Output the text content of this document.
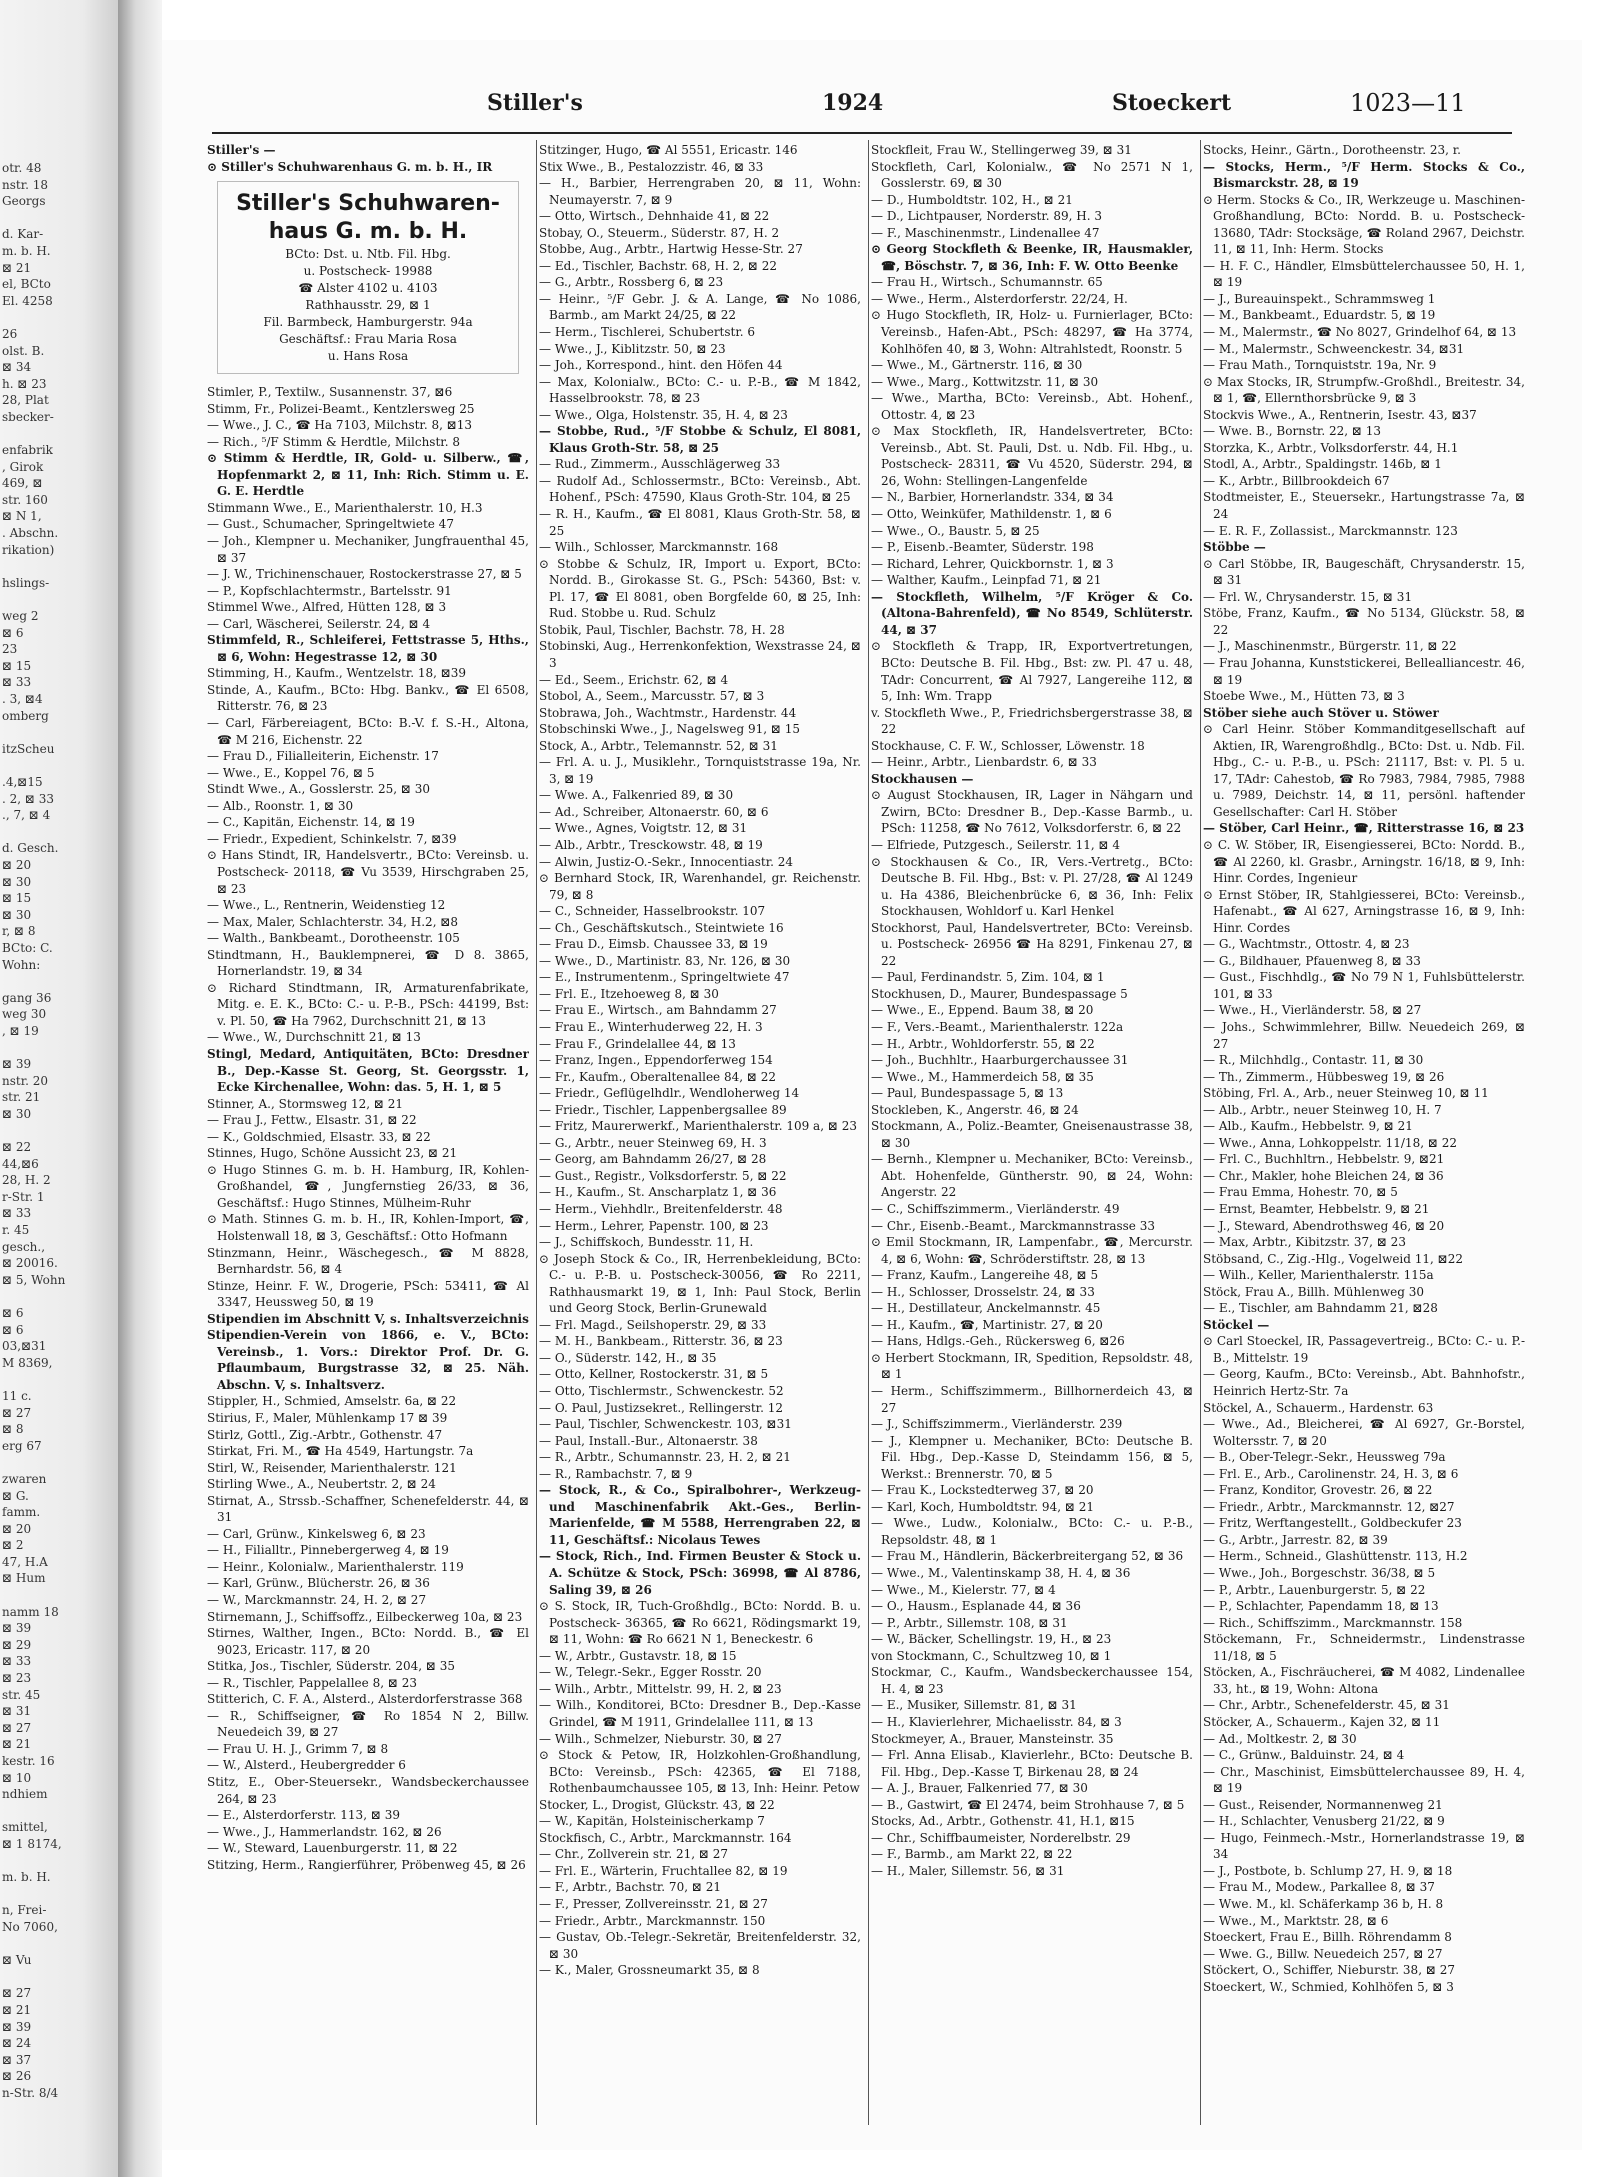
otr. 48
nstr. 18
Georgs

d. Kar-
m. b. H.
⊠ 21
el, BCto
El. 4258

26
olst. B.
⊠ 34
h. ⊠ 23
28, Plat
sbecker-

enfabrik
, Girok
469, ⊠
str. 160
⊠ N 1,
. Abschn.
rikation)

hslings-

weg 2
⊠ 6
23
⊠ 15
⊠ 33
. 3, ⊠4
omberg

itzScheu

.4,⊠15
. 2, ⊠ 33
., 7, ⊠ 4

d. Gesch.
⊠ 20
⊠ 30
⊠ 15
⊠ 30
r, ⊠ 8
BCto: C.
Wohn:

gang 36
weg 30
, ⊠ 19

⊠ 39
nstr. 20
str. 21
⊠ 30

⊠ 22
44,⊠6
28, H. 2
r-Str. 1
⊠ 33
r. 45
gesch.,
⊠ 20016.
⊠ 5, Wohn

⊠ 6
⊠ 6
03,⊠31
M 8369,

11 c.
⊠ 27
⊠ 8
erg 67

zwaren
⊠ G.
famm.
⊠ 20
⊠ 2
47, H.A
⊠ Hum

namm 18
⊠ 39
⊠ 29
⊠ 33
⊠ 23
str. 45
⊠ 31
⊠ 27
⊠ 21
kestr. 16
⊠ 10
ndhiem

smittel,
⊠ 1 8174,

m. b. H.

n, Frei-
No 7060,

⊠ Vu

⊠ 27
⊠ 21
⊠ 39
⊠ 24
⊠ 37
⊠ 26
n-Str. 8/4
Stiller's	1924	Stoeckert	1023—11

Stiller's —

⊙ Stiller's Schuhwarenhaus G. m. b. H., IR

Stiller's Schuhwaren-haus G. m. b. H.
BCto: Dst. u. Ntb. Fil. Hbg.
u. Postscheck- 19988
☎ Alster 4102 u. 4103
Rathhausstr. 29, ⊠ 1
Fil. Barmbeck, Hamburgerstr. 94a
Geschäftsf.: Frau Maria Rosa
u. Hans Rosa

Stimler, P., Textilw., Susannenstr. 37, ⊠6

Stimm, Fr., Polizei-Beamt., Kentzlersweg 25

— Wwe., J. C., ☎ Ha 7103, Milchstr. 8, ⊠13

— Rich., ⁵/F Stimm & Herdtle, Milchstr. 8

⊙ Stimm & Herdtle, IR, Gold- u. Silberw., ☎, Hopfenmarkt 2, ⊠ 11, Inh: Rich. Stimm u. E. G. E. Herdtle

Stimmann Wwe., E., Marienthalerstr. 10, H.3

— Gust., Schumacher, Springeltwiete 47

— Joh., Klempner u. Mechaniker, Jungfrauenthal 45, ⊠ 37

— J. W., Trichinenschauer, Rostockerstrasse 27, ⊠ 5

— P., Kopfschlachtermstr., Bartelsstr. 91

Stimmel Wwe., Alfred, Hütten 128, ⊠ 3

— Carl, Wäscherei, Seilerstr. 24, ⊠ 4

Stimmfeld, R., Schleiferei, Fettstrasse 5, Hths., ⊠ 6, Wohn: Hegestrasse 12, ⊠ 30

Stimming, H., Kaufm., Wentzelstr. 18, ⊠39

Stinde, A., Kaufm., BCto: Hbg. Bankv., ☎ El 6508, Ritterstr. 76, ⊠ 23

— Carl, Färbereiagent, BCto: B.-V. f. S.-H., Altona, ☎ M 216, Eichenstr. 22

— Frau D., Filialleiterin, Eichenstr. 17

— Wwe., E., Koppel 76, ⊠ 5

Stindt Wwe., A., Gosslerstr. 25, ⊠ 30

— Alb., Roonstr. 1, ⊠ 30

— C., Kapitän, Eichenstr. 14, ⊠ 19

— Friedr., Expedient, Schinkelstr. 7, ⊠39

⊙ Hans Stindt, IR, Handelsvertr., BCto: Vereinsb. u. Postscheck- 20118, ☎ Vu 3539, Hirschgraben 25, ⊠ 23

— Wwe., L., Rentnerin, Weidenstieg 12

— Max, Maler, Schlachterstr. 34, H.2, ⊠8

— Walth., Bankbeamt., Dorotheenstr. 105

Stindtmann, H., Bauklempnerei, ☎ D 8. 3865, Hornerlandstr. 19, ⊠ 34

⊙ Richard Stindtmann, IR, Armaturenfabrikate, Mitg. e. E. K., BCto: C.- u. P.-B., PSch: 44199, Bst: v. Pl. 50, ☎ Ha 7962, Durchschnitt 21, ⊠ 13

— Wwe., W., Durchschnitt 21, ⊠ 13

Stingl, Medard, Antiquitäten, BCto: Dresdner B., Dep.-Kasse St. Georg, St. Georgsstr. 1, Ecke Kirchenallee, Wohn: das. 5, H. 1, ⊠ 5

Stinner, A., Stormsweg 12, ⊠ 21

— Frau J., Fettw., Elsastr. 31, ⊠ 22

— K., Goldschmied, Elsastr. 33, ⊠ 22

Stinnes, Hugo, Schöne Aussicht 23, ⊠ 21

⊙ Hugo Stinnes G. m. b. H. Hamburg, IR, Kohlen-Großhandel, ☎, Jungfernstieg 26/33, ⊠ 36, Geschäftsf.: Hugo Stinnes, Mülheim-Ruhr

⊙ Math. Stinnes G. m. b. H., IR, Kohlen-Import, ☎, Holstenwall 18, ⊠ 3, Geschäftsf.: Otto Hofmann

Stinzmann, Heinr., Wäschegesch., ☎ M 8828, Bernhardstr. 56, ⊠ 4

Stinze, Heinr. F. W., Drogerie, PSch: 53411, ☎ Al 3347, Heussweg 50, ⊠ 19

Stipendien im Abschnitt V, s. Inhaltsverzeichnis

Stipendien-Verein von 1866, e. V., BCto: Vereinsb., 1. Vors.: Direktor Prof. Dr. G. Pflaumbaum, Burgstrasse 32, ⊠ 25. Näh. Abschn. V, s. Inhaltsverz.

Stippler, H., Schmied, Amselstr. 6a, ⊠ 22

Stirius, F., Maler, Mühlenkamp 17 ⊠ 39

Stirlz, Gottl., Zig.-Arbtr., Gothenstr. 47

Stirkat, Fri. M., ☎ Ha 4549, Hartungstr. 7a

Stirl, W., Reisender, Marienthalerstr. 121

Stirling Wwe., A., Neubertstr. 2, ⊠ 24

Stirnat, A., Strssb.-Schaffner, Schenefelderstr. 44, ⊠ 31

— Carl, Grünw., Kinkelsweg 6, ⊠ 23

— H., Filialltr., Pinnebergerweg 4, ⊠ 19

— Heinr., Kolonialw., Marienthalerstr. 119

— Karl, Grünw., Blücherstr. 26, ⊠ 36

— W., Marckmannstr. 24, H. 2, ⊠ 27

Stirnemann, J., Schiffsoffz., Eilbeckerweg 10a, ⊠ 23

Stirnes, Walther, Ingen., BCto: Nordd. B., ☎ El 9023, Ericastr. 117, ⊠ 20

Stitka, Jos., Tischler, Süderstr. 204, ⊠ 35

— R., Tischler, Pappelallee 8, ⊠ 23

Stitterich, C. F. A., Alsterd., Alsterdorferstrasse 368

— R., Schiffseigner, ☎ Ro 1854 N 2, Billw. Neuedeich 39, ⊠ 27

— Frau U. H. J., Grimm 7, ⊠ 8

— W., Alsterd., Heubergredder 6

Stitz, E., Ober-Steuersekr., Wandsbeckerchaussee 264, ⊠ 23

— E., Alsterdorferstr. 113, ⊠ 39

— Wwe., J., Hammerlandstr. 162, ⊠ 26

— W., Steward, Lauenburgerstr. 11, ⊠ 22

Stitzing, Herm., Rangierführer, Pröbenweg 45, ⊠ 26

Stitzinger, Hugo, ☎ Al 5551, Ericastr. 146

Stix Wwe., B., Pestalozzistr. 46, ⊠ 33

— H., Barbier, Herrengraben 20, ⊠ 11, Wohn: Neumayerstr. 7, ⊠ 9

— Otto, Wirtsch., Dehnhaide 41, ⊠ 22

Stobay, O., Steuerm., Süderstr. 87, H. 2

Stobbe, Aug., Arbtr., Hartwig Hesse-Str. 27

— Ed., Tischler, Bachstr. 68, H. 2, ⊠ 22

— G., Arbtr., Rossberg 6, ⊠ 23

— Heinr., ⁵/F Gebr. J. & A. Lange, ☎ No 1086, Barmb., am Markt 24/25, ⊠ 22

— Herm., Tischlerei, Schubertstr. 6

— Wwe., J., Kiblitzstr. 50, ⊠ 23

— Joh., Korrespond., hint. den Höfen 44

— Max, Kolonialw., BCto: C.- u. P.-B., ☎ M 1842, Hasselbrookstr. 78, ⊠ 23

— Wwe., Olga, Holstenstr. 35, H. 4, ⊠ 23

— Stobbe, Rud., ⁵/F Stobbe & Schulz, El 8081, Klaus Groth-Str. 58, ⊠ 25

— Rud., Zimmerm., Ausschlägerweg 33

— Rudolf Ad., Schlossermstr., BCto: Vereinsb., Abt. Hohenf., PSch: 47590, Klaus Groth-Str. 104, ⊠ 25

— R. H., Kaufm., ☎ El 8081, Klaus Groth-Str. 58, ⊠ 25

— Wilh., Schlosser, Marckmannstr. 168

⊙ Stobbe & Schulz, IR, Import u. Export, BCto: Nordd. B., Girokasse St. G., PSch: 54360, Bst: v. Pl. 17, ☎ El 8081, oben Borgfelde 60, ⊠ 25, Inh: Rud. Stobbe u. Rud. Schulz

Stobik, Paul, Tischler, Bachstr. 78, H. 28

Stobinski, Aug., Herrenkonfektion, Wexstrasse 24, ⊠ 3

— Ed., Seem., Erichstr. 62, ⊠ 4

Stobol, A., Seem., Marcusstr. 57, ⊠ 3

Stobrawa, Joh., Wachtmstr., Hardenstr. 44

Stobschinski Wwe., J., Nagelsweg 91, ⊠ 15

Stock, A., Arbtr., Telemannstr. 52, ⊠ 31

— Frl. A. u. J., Musiklehr., Tornquiststrasse 19a, Nr. 3, ⊠ 19

— Wwe. A., Falkenried 89, ⊠ 30

— Ad., Schreiber, Altonaerstr. 60, ⊠ 6

— Wwe., Agnes, Voigtstr. 12, ⊠ 31

— Alb., Arbtr., Tresckowstr. 48, ⊠ 19

— Alwin, Justiz-O.-Sekr., Innocentiastr. 24

⊙ Bernhard Stock, IR, Warenhandel, gr. Reichenstr. 79, ⊠ 8

— C., Schneider, Hasselbrookstr. 107

— Ch., Geschäftskutsch., Steintwiete 16

— Frau D., Eimsb. Chaussee 33, ⊠ 19

— Wwe., D., Martinistr. 83, Nr. 126, ⊠ 30

— E., Instrumentenm., Springeltwiete 47

— Frl. E., Itzehoeweg 8, ⊠ 30

— Frau E., Wirtsch., am Bahndamm 27

— Frau E., Winterhuderweg 22, H. 3

— Frau F., Grindelallee 44, ⊠ 13

— Franz, Ingen., Eppendorferweg 154

— Fr., Kaufm., Oberaltenallee 84, ⊠ 22

— Friedr., Geflügelhdlr., Wendloherweg 14

— Friedr., Tischler, Lappenbergsallee 89

— Fritz, Maurerwerkf., Marienthalerstr. 109 a, ⊠ 23

— G., Arbtr., neuer Steinweg 69, H. 3

— Georg, am Bahndamm 26/27, ⊠ 28

— Gust., Registr., Volksdorferstr. 5, ⊠ 22

— H., Kaufm., St. Anscharplatz 1, ⊠ 36

— Herm., Viehhdlr., Breitenfelderstr. 48

— Herm., Lehrer, Papenstr. 100, ⊠ 23

— J., Schiffskoch, Bundesstr. 11, H.

⊙ Joseph Stock & Co., IR, Herrenbekleidung, BCto: C.- u. P.-B. u. Postscheck-30056, ☎ Ro 2211, Rathhausmarkt 19, ⊠ 1, Inh: Paul Stock, Berlin und Georg Stock, Berlin-Grunewald

— Frl. Magd., Seilshoperstr. 29, ⊠ 33

— M. H., Bankbeam., Ritterstr. 36, ⊠ 23

— O., Süderstr. 142, H., ⊠ 35

— Otto, Kellner, Rostockerstr. 31, ⊠ 5

— Otto, Tischlermstr., Schwenckestr. 52

— O. Paul, Justizsekret., Rellingerstr. 12

— Paul, Tischler, Schwenckestr. 103, ⊠31

— Paul, Install.-Bur., Altonaerstr. 38

— R., Arbtr., Schumannstr. 23, H. 2, ⊠ 21

— R., Rambachstr. 7, ⊠ 9

— Stock, R., & Co., Spiralbohrer-, Werkzeug- und Maschinenfabrik Akt.-Ges., Berlin-Marienfelde, ☎ M 5588, Herrengraben 22, ⊠ 11, Geschäftsf.: Nicolaus Tewes

— Stock, Rich., Ind. Firmen Beuster & Stock u. A. Schütze & Stock, PSch: 36998, ☎ Al 8786, Saling 39, ⊠ 26

⊙ S. Stock, IR, Tuch-Großhdlg., BCto: Nordd. B. u. Postscheck- 36365, ☎ Ro 6621, Rödingsmarkt 19, ⊠ 11, Wohn: ☎ Ro 6621 N 1, Beneckestr. 6

— W., Arbtr., Gustavstr. 18, ⊠ 15

— W., Telegr.-Sekr., Egger Rosstr. 20

— Wilh., Arbtr., Mittelstr. 99, H. 2, ⊠ 23

— Wilh., Konditorei, BCto: Dresdner B., Dep.-Kasse Grindel, ☎ M 1911, Grindelallee 111, ⊠ 13

— Wilh., Schmelzer, Nieburstr. 30, ⊠ 27

⊙ Stock & Petow, IR, Holzkohlen-Großhandlung, BCto: Vereinsb., PSch: 42365, ☎ El 7188, Rothenbaumchaussee 105, ⊠ 13, Inh: Heinr. Petow

Stocker, L., Drogist, Glückstr. 43, ⊠ 22

— W., Kapitän, Holsteinischerkamp 7

Stockfisch, C., Arbtr., Marckmannstr. 164

— Chr., Zollverein str. 21, ⊠ 27

— Frl. E., Wärterin, Fruchtallee 82, ⊠ 19

— F., Arbtr., Bachstr. 70, ⊠ 21

— F., Presser, Zollvereinsstr. 21, ⊠ 27

— Friedr., Arbtr., Marckmannstr. 150

— Gustav, Ob.-Telegr.-Sekretär, Breitenfelderstr. 32, ⊠ 30

— K., Maler, Grossneumarkt 35, ⊠ 8

Stockfleit, Frau W., Stellingerweg 39, ⊠ 31

Stockfleth, Carl, Kolonialw., ☎ No 2571 N 1, Gosslerstr. 69, ⊠ 30

— D., Humboldtstr. 102, H., ⊠ 21

— D., Lichtpauser, Norderstr. 89, H. 3

— F., Maschinenmstr., Lindenallee 47

⊙ Georg Stockfleth & Beenke, IR, Hausmakler, ☎, Böschstr. 7, ⊠ 36, Inh: F. W. Otto Beenke

— Frau H., Wirtsch., Schumannstr. 65

— Wwe., Herm., Alsterdorferstr. 22/24, H.

⊙ Hugo Stockfleth, IR, Holz- u. Furnierlager, BCto: Vereinsb., Hafen-Abt., PSch: 48297, ☎ Ha 3774, Kohlhöfen 40, ⊠ 3, Wohn: Altrahlstedt, Roonstr. 5

— Wwe., M., Gärtnerstr. 116, ⊠ 30

— Wwe., Marg., Kottwitzstr. 11, ⊠ 30

— Wwe., Martha, BCto: Vereinsb., Abt. Hohenf., Ottostr. 4, ⊠ 23

⊙ Max Stockfleth, IR, Handelsvertreter, BCto: Vereinsb., Abt. St. Pauli, Dst. u. Ndb. Fil. Hbg., u. Postscheck- 28311, ☎ Vu 4520, Süderstr. 294, ⊠ 26, Wohn: Stellingen-Langenfelde

— N., Barbier, Hornerlandstr. 334, ⊠ 34

— Otto, Weinküfer, Mathildenstr. 1, ⊠ 6

— Wwe., O., Baustr. 5, ⊠ 25

— P., Eisenb.-Beamter, Süderstr. 198

— Richard, Lehrer, Quickbornstr. 1, ⊠ 3

— Walther, Kaufm., Leinpfad 71, ⊠ 21

— Stockfleth, Wilhelm, ⁵/F Kröger & Co. (Altona-Bahrenfeld), ☎ No 8549, Schlüterstr. 44, ⊠ 37

⊙ Stockfleth & Trapp, IR, Exportvertretungen, BCto: Deutsche B. Fil. Hbg., Bst: zw. Pl. 47 u. 48, TAdr: Concurrent, ☎ Al 7927, Langereihe 112, ⊠ 5, Inh: Wm. Trapp

v. Stockfleth Wwe., P., Friedrichsbergerstrasse 38, ⊠ 22

Stockhause, C. F. W., Schlosser, Löwenstr. 18

— Heinr., Arbtr., Lienbardstr. 6, ⊠ 33

Stockhausen —

⊙ August Stockhausen, IR, Lager in Nähgarn und Zwirn, BCto: Dresdner B., Dep.-Kasse Barmb., u. PSch: 11258, ☎ No 7612, Volksdorferstr. 6, ⊠ 22

— Elfriede, Putzgesch., Seilerstr. 11, ⊠ 4

⊙ Stockhausen & Co., IR, Vers.-Vertretg., BCto: Deutsche B. Fil. Hbg., Bst: v. Pl. 27/28, ☎ Al 1249 u. Ha 4386, Bleichenbrücke 6, ⊠ 36, Inh: Felix Stockhausen, Wohldorf u. Karl Henkel

Stockhorst, Paul, Handelsvertreter, BCto: Vereinsb. u. Postscheck- 26956 ☎ Ha 8291, Finkenau 27, ⊠ 22

— Paul, Ferdinandstr. 5, Zim. 104, ⊠ 1

Stockhusen, D., Maurer, Bundespassage 5

— Wwe., E., Eppend. Baum 38, ⊠ 20

— F., Vers.-Beamt., Marienthalerstr. 122a

— H., Arbtr., Wohldorferstr. 55, ⊠ 22

— Joh., Buchhltr., Haarburgerchaussee 31

— Wwe., M., Hammerdeich 58, ⊠ 35

— Paul, Bundespassage 5, ⊠ 13

Stockleben, K., Angerstr. 46, ⊠ 24

Stockmann, A., Poliz.-Beamter, Gneisenaustrasse 38, ⊠ 30

— Bernh., Klempner u. Mechaniker, BCto: Vereinsb., Abt. Hohenfelde, Güntherstr. 90, ⊠ 24, Wohn: Angerstr. 22

— C., Schiffszimmerm., Vierländerstr. 49

— Chr., Eisenb.-Beamt., Marckmannstrasse 33

⊙ Emil Stockmann, IR, Lampenfabr., ☎, Mercurstr. 4, ⊠ 6, Wohn: ☎, Schröderstiftstr. 28, ⊠ 13

— Franz, Kaufm., Langereihe 48, ⊠ 5

— H., Schlosser, Drosselstr. 24, ⊠ 33

— H., Destillateur, Anckelmannstr. 45

— H., Kaufm., ☎, Martinistr. 27, ⊠ 20

— Hans, Hdlgs.-Geh., Rückersweg 6, ⊠26

⊙ Herbert Stockmann, IR, Spedition, Repsoldstr. 48, ⊠ 1

— Herm., Schiffszimmerm., Billhornerdeich 43, ⊠ 27

— J., Schiffszimmerm., Vierländerstr. 239

— J., Klempner u. Mechaniker, BCto: Deutsche B. Fil. Hbg., Dep.-Kasse D, Steindamm 156, ⊠ 5, Werkst.: Brennerstr. 70, ⊠ 5

— Frau K., Lockstedterweg 37, ⊠ 20

— Karl, Koch, Humboldtstr. 94, ⊠ 21

— Wwe., Ludw., Kolonialw., BCto: C.- u. P.-B., Repsoldstr. 48, ⊠ 1

— Frau M., Händlerin, Bäckerbreitergang 52, ⊠ 36

— Wwe., M., Valentinskamp 38, H. 4, ⊠ 36

— Wwe., M., Kielerstr. 77, ⊠ 4

— O., Hausm., Esplanade 44, ⊠ 36

— P., Arbtr., Sillemstr. 108, ⊠ 31

— W., Bäcker, Schellingstr. 19, H., ⊠ 23

von Stockmann, C., Schultzweg 10, ⊠ 1

Stockmar, C., Kaufm., Wandsbeckerchaussee 154, H. 4, ⊠ 23

— E., Musiker, Sillemstr. 81, ⊠ 31

— H., Klavierlehrer, Michaelisstr. 84, ⊠ 3

Stockmeyer, A., Brauer, Mansteinstr. 35

— Frl. Anna Elisab., Klavierlehr., BCto: Deutsche B. Fil. Hbg., Dep.-Kasse T, Birkenau 28, ⊠ 24

— A. J., Brauer, Falkenried 77, ⊠ 30

— B., Gastwirt, ☎ El 2474, beim Strohhause 7, ⊠ 5

Stocks, Ad., Arbtr., Gothenstr. 41, H.1, ⊠15

— Chr., Schiffbaumeister, Norderelbstr. 29

— F., Barmb., am Markt 22, ⊠ 22

— H., Maler, Sillemstr. 56, ⊠ 31

Stocks, Heinr., Gärtn., Dorotheenstr. 23, r.

— Stocks, Herm., ⁵/F Herm. Stocks & Co., Bismarckstr. 28, ⊠ 19

⊙ Herm. Stocks & Co., IR, Werkzeuge u. Maschinen-Großhandlung, BCto: Nordd. B. u. Postscheck- 13680, TAdr: Stocksäge, ☎ Roland 2967, Deichstr. 11, ⊠ 11, Inh: Herm. Stocks

— H. F. C., Händler, Elmsbüttelerchaussee 50, H. 1, ⊠ 19

— J., Bureauinspekt., Schrammsweg 1

— M., Bankbeamt., Eduardstr. 5, ⊠ 19

— M., Malermstr., ☎ No 8027, Grindelhof 64, ⊠ 13

— M., Malermstr., Schweenckestr. 34, ⊠31

— Frau Math., Tornquiststr. 19a, Nr. 9

⊙ Max Stocks, IR, Strumpfw.-Großhdl., Breitestr. 34, ⊠ 1, ☎, Ellernthorsbrücke 9, ⊠ 3

Stockvis Wwe., A., Rentnerin, Isestr. 43, ⊠37

— Wwe. B., Bornstr. 22, ⊠ 13

Storzka, K., Arbtr., Volksdorferstr. 44, H.1

Stodl, A., Arbtr., Spaldingstr. 146b, ⊠ 1

— K., Arbtr., Billbrookdeich 67

Stodtmeister, E., Steuersekr., Hartungstrasse 7a, ⊠ 24

— E. R. F., Zollassist., Marckmannstr. 123

Stöbbe —

⊙ Carl Stöbbe, IR, Baugeschäft, Chrysanderstr. 15, ⊠ 31

— Frl. W., Chrysanderstr. 15, ⊠ 31

Stöbe, Franz, Kaufm., ☎ No 5134, Glückstr. 58, ⊠ 22

— J., Maschinenmstr., Bürgerstr. 11, ⊠ 22

— Frau Johanna, Kunststickerei, Bellealliancestr. 46, ⊠ 19

Stoebe Wwe., M., Hütten 73, ⊠ 3

Stöber siehe auch Stöver u. Stöwer

⊙ Carl Heinr. Stöber Kommanditgesellschaft auf Aktien, IR, Warengroßhdlg., BCto: Dst. u. Ndb. Fil. Hbg., C.- u. P.-B., u. PSch: 21117, Bst: v. Pl. 5 u. 17, TAdr: Cahestob, ☎ Ro 7983, 7984, 7985, 7988 u. 7989, Deichstr. 14, ⊠ 11, persönl. haftender Gesellschafter: Carl H. Stöber

— Stöber, Carl Heinr., ☎, Ritterstrasse 16, ⊠ 23

⊙ C. W. Stöber, IR, Eisengiesserei, BCto: Nordd. B., ☎ Al 2260, kl. Grasbr., Arningstr. 16/18, ⊠ 9, Inh: Hinr. Cordes, Ingenieur

⊙ Ernst Stöber, IR, Stahlgiesserei, BCto: Vereinsb., Hafenabt., ☎ Al 627, Arningstrasse 16, ⊠ 9, Inh: Hinr. Cordes

— G., Wachtmstr., Ottostr. 4, ⊠ 23

— G., Bildhauer, Pfauenweg 8, ⊠ 33

— Gust., Fischhdlg., ☎ No 79 N 1, Fuhlsbüttelerstr. 101, ⊠ 33

— Wwe., H., Vierländerstr. 58, ⊠ 27

— Johs., Schwimmlehrer, Billw. Neuedeich 269, ⊠ 27

— R., Milchhdlg., Contastr. 11, ⊠ 30

— Th., Zimmerm., Hübbesweg 19, ⊠ 26

Stöbing, Frl. A., Arb., neuer Steinweg 10, ⊠ 11

— Alb., Arbtr., neuer Steinweg 10, H. 7

— Alb., Kaufm., Hebbelstr. 9, ⊠ 21

— Wwe., Anna, Lohkoppelstr. 11/18, ⊠ 22

— Frl. C., Buchhltrn., Hebbelstr. 9, ⊠21

— Chr., Makler, hohe Bleichen 24, ⊠ 36

— Frau Emma, Hohestr. 70, ⊠ 5

— Ernst, Beamter, Hebbelstr. 9, ⊠ 21

— J., Steward, Abendrothsweg 46, ⊠ 20

— Max, Arbtr., Kibitzstr. 37, ⊠ 23

Stöbsand, C., Zig.-Hlg., Vogelweid 11, ⊠22

— Wilh., Keller, Marienthalerstr. 115a

Stöck, Frau A., Billh. Mühlenweg 30

— E., Tischler, am Bahndamm 21, ⊠28

Stöckel —

⊙ Carl Stoeckel, IR, Passagevertreig., BCto: C.- u. P.-B., Mittelstr. 19

— Georg, Kaufm., BCto: Vereinsb., Abt. Bahnhofstr., Heinrich Hertz-Str. 7a

Stöckel, A., Schauerm., Hardenstr. 63

— Wwe., Ad., Bleicherei, ☎ Al 6927, Gr.-Borstel, Woltersstr. 7, ⊠ 20

— B., Ober-Telegr.-Sekr., Heussweg 79a

— Frl. E., Arb., Carolinenstr. 24, H. 3, ⊠ 6

— Franz, Konditor, Grovestr. 26, ⊠ 22

— Friedr., Arbtr., Marckmannstr. 12, ⊠27

— Fritz, Werftangestellt., Goldbeckufer 23

— G., Arbtr., Jarrestr. 82, ⊠ 39

— Herm., Schneid., Glashüttenstr. 113, H.2

— Wwe., Joh., Borgeschstr. 36/38, ⊠ 5

— P., Arbtr., Lauenburgerstr. 5, ⊠ 22

— P., Schlachter, Papendamm 18, ⊠ 13

— Rich., Schiffszimm., Marckmannstr. 158

Stöckemann, Fr., Schneidermstr., Lindenstrasse 11/18, ⊠ 5

Stöcken, A., Fischräucherei, ☎ M 4082, Lindenallee 33, ht., ⊠ 19, Wohn: Altona

— Chr., Arbtr., Schenefelderstr. 45, ⊠ 31

Stöcker, A., Schauerm., Kajen 32, ⊠ 11

— Ad., Moltkestr. 2, ⊠ 30

— C., Grünw., Balduinstr. 24, ⊠ 4

— Chr., Maschinist, Eimsbüttelerchaussee 89, H. 4, ⊠ 19

— Gust., Reisender, Normannenweg 21

— H., Schlachter, Venusberg 21/22, ⊠ 9

— Hugo, Feinmech.-Mstr., Hornerlandstrasse 19, ⊠ 34

— J., Postbote, b. Schlump 27, H. 9, ⊠ 18

— Frau M., Modew., Parkallee 8, ⊠ 37

— Wwe. M., kl. Schäferkamp 36 b, H. 8

— Wwe., M., Marktstr. 28, ⊠ 6

Stoeckert, Frau E., Billh. Röhrendamm 8

— Wwe. G., Billw. Neuedeich 257, ⊠ 27

Stöckert, O., Schiffer, Nieburstr. 38, ⊠ 27

Stoeckert, W., Schmied, Kohlhöfen 5, ⊠ 3
